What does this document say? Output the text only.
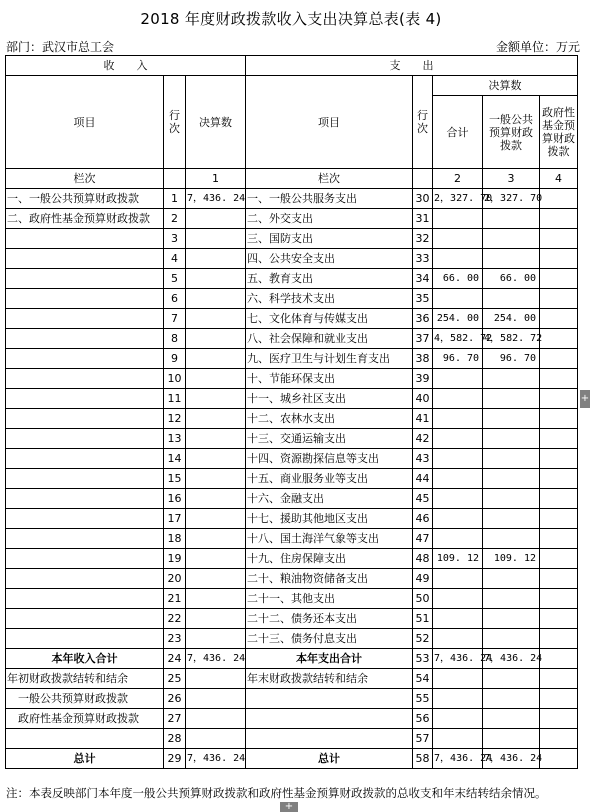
2018 年度财政拨款收入支出决算总表(表 4)
部门：武汉市总工会	金额单位：万元
收　　入			支　　出				
项目	行次	决算数	项目	行次	决算数		
					合计	一般公共预算财政拨款	政府性基金预算财政拨款
栏次		1	栏次		2	3	4
一、一般公共预算财政拨款	1	7，436. 24	一、一般公共服务支出	30	2，327. 70	2，327. 70	
二、政府性基金预算财政拨款	2		二、外交支出	31			
	3		三、国防支出	32			
	4		四、公共安全支出	33			
	5		五、教育支出	34	66. 00	66. 00	
	6		六、科学技术支出	35			
	7		七、文化体育与传媒支出	36	254. 00	254. 00	
	8		八、社会保障和就业支出	37	4，582. 72	4，582. 72	
	9		九、医疗卫生与计划生育支出	38	96. 70	96. 70	
	10		十、节能环保支出	39			
	11		十一、城乡社区支出	40			
	12		十二、农林水支出	41			
	13		十三、交通运输支出	42			
	14		十四、资源勘探信息等支出	43			
	15		十五、商业服务业等支出	44			
	16		十六、金融支出	45			
	17		十七、援助其他地区支出	46			
	18		十八、国土海洋气象等支出	47			
	19		十九、住房保障支出	48	109. 12	109. 12	
	20		二十、粮油物资储备支出	49			
	21		二十一、其他支出	50			
	22		二十二、债务还本支出	51			
	23		二十三、债务付息支出	52			
本年收入合计	24	7，436. 24	本年支出合计	53	7，436. 24	7，436. 24	
年初财政拨款结转和结余	25		年末财政拨款结转和结余	54			
一般公共预算财政拨款	26			55			
政府性基金预算财政拨款	27			56			
	28			57			
总计	29	7，436. 24	总计	58	7，436. 24	7，436. 24	
注：本表反映部门本年度一般公共预算财政拨款和政府性基金预算财政拨款的总收支和年末结转结余情况。
+
+
